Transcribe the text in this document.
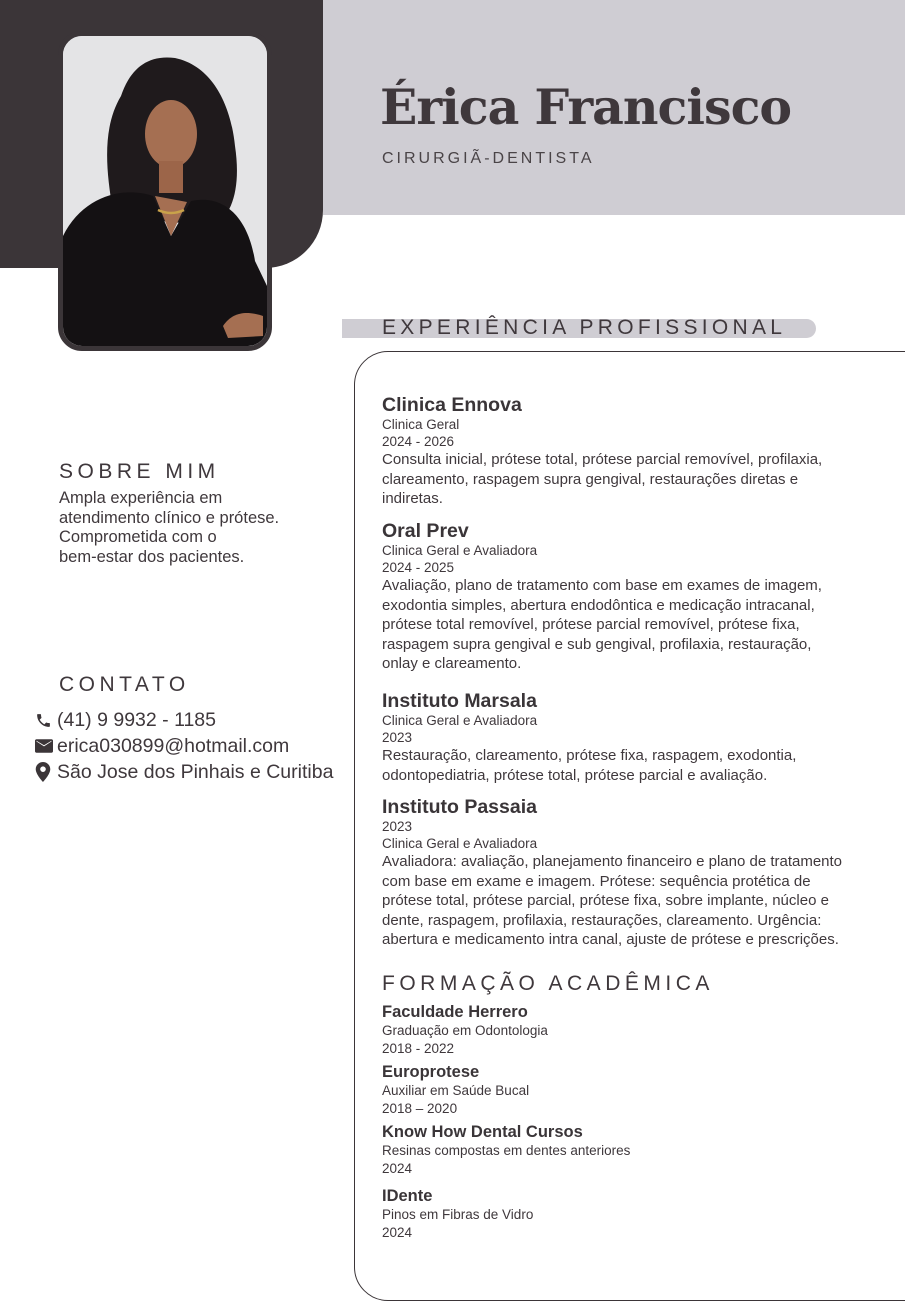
Érica Francisco
CIRURGIÃ-DENTISTA
EXPERIÊNCIA PROFISSIONAL
SOBRE MIM
Ampla experiência em
atendimento clínico e prótese.
Comprometida com o
bem-estar dos pacientes.
CONTATO
(41) 9 9932 - 1185
erica030899@hotmail.com
São Jose dos Pinhais e Curitiba
Clinica Ennova
Clinica Geral
2024 - 2026
Consulta inicial, prótese total, prótese parcial removível, profilaxia,
clareamento, raspagem supra gengival, restaurações diretas e
indiretas.
Oral Prev
Clinica Geral e Avaliadora
2024 - 2025
Avaliação, plano de tratamento com base em exames de imagem,
exodontia simples, abertura endodôntica e medicação intracanal,
prótese total removível, prótese parcial removível, prótese fixa,
raspagem supra gengival e sub gengival, profilaxia, restauração,
onlay e clareamento.
Instituto Marsala
Clinica Geral e Avaliadora
2023
Restauração, clareamento, prótese fixa, raspagem, exodontia,
odontopediatria, prótese total, prótese parcial e avaliação.
Instituto Passaia
2023
Clinica Geral e Avaliadora
Avaliadora: avaliação, planejamento financeiro e plano de tratamento
com base em exame e imagem. Prótese: sequência protética de
prótese total, prótese parcial, prótese fixa, sobre implante, núcleo e
dente, raspagem, profilaxia, restaurações, clareamento. Urgência:
abertura e medicamento intra canal, ajuste de prótese e prescrições.
FORMAÇÃO ACADÊMICA
Faculdade Herrero
Graduação em Odontologia
2018 - 2022
Europrotese
Auxiliar em Saúde Bucal
2018 – 2020
Know How Dental Cursos
Resinas compostas em dentes anteriores
2024
IDente
Pinos em Fibras de Vidro
2024
